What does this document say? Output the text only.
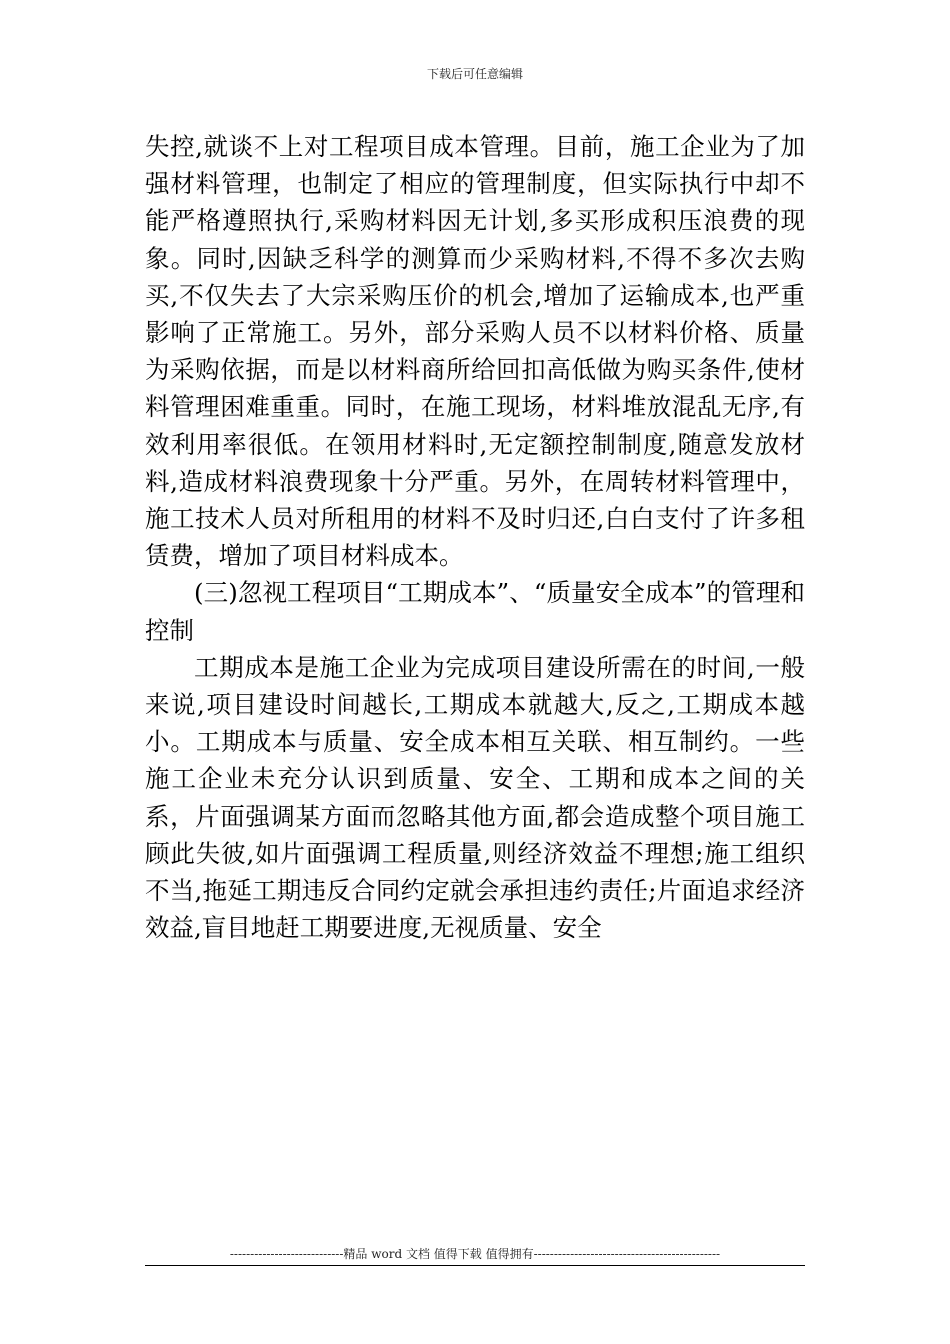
下载后可任意编辑

失控,就谈不上对工程项目成本管理。目前，施工企业为了加强材料管理，也制定了相应的管理制度，但实际执行中却不能严格遵照执行,采购材料因无计划,多买形成积压浪费的现象。同时,因缺乏科学的测算而少采购材料,不得不多次去购买,不仅失去了大宗采购压价的机会,增加了运输成本,也严重影响了正常施工。另外，部分采购人员不以材料价格、质量为采购依据，而是以材料商所给回扣高低做为购买条件,使材料管理困难重重。同时，在施工现场，材料堆放混乱无序,有效利用率很低。在领用材料时,无定额控制制度,随意发放材料,造成材料浪费现象十分严重。另外，在周转材料管理中，施工技术人员对所租用的材料不及时归还,白白支付了许多租赁费，增加了项目材料成本。

(三)忽视工程项目“工期成本”、“质量安全成本”的管理和控制

工期成本是施工企业为完成项目建设所需在的时间,一般来说,项目建设时间越长,工期成本就越大,反之,工期成本越小。工期成本与质量、安全成本相互关联、相互制约。一些施工企业未充分认识到质量、安全、工期和成本之间的关系，片面强调某方面而忽略其他方面,都会造成整个项目施工顾此失彼,如片面强调工程质量,则经济效益不理想;施工组织不当,拖延工期违反合同约定就会承担违约责任;片面追求经济效益,盲目地赶工期要进度,无视质量、安全

----------------------------精品 word 文档 值得下载 值得拥有----------------------------------------------
